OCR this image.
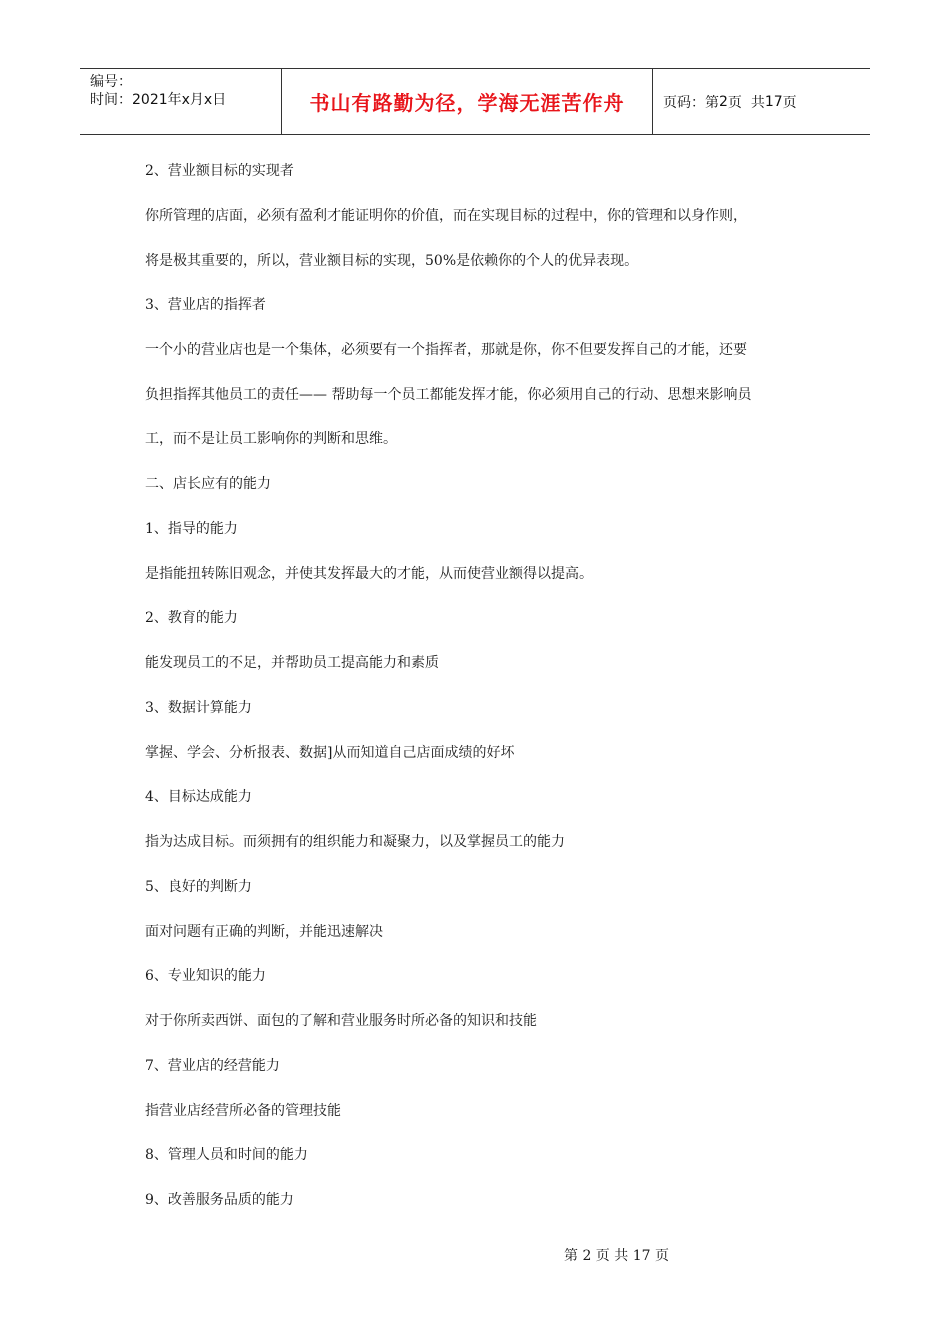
编号：
时间：2021年x月x日	书山有路勤为径，学海无涯苦作舟	页码：第 2 页  共 17 页
2、营业额目标的实现者
你所管理的店面，必须有盈利才能证明你的价值，而在实现目标的过程中，你的管理和以身作则，
将是极其重要的，所以，营业额目标的实现，50%是依赖你的个人的优异表现。
3、营业店的指挥者
一个小的营业店也是一个集体，必须要有一个指挥者，那就是你，你不但要发挥自己的才能，还要
负担指挥其他员工的责任—— 帮助每一个员工都能发挥才能，你必须用自己的行动、思想来影响员
工，而不是让员工影响你的判断和思维。
二、店长应有的能力
1、指导的能力
是指能扭转陈旧观念，并使其发挥最大的才能，从而使营业额得以提高。
2、教育的能力
能发现员工的不足，并帮助员工提高能力和素质
3、数据计算能力
掌握、学会、分析报表、数据]从而知道自己店面成绩的好坏
4、目标达成能力
指为达成目标。而须拥有的组织能力和凝聚力，以及掌握员工的能力
5、良好的判断力
面对问题有正确的判断，并能迅速解决
6、专业知识的能力
对于你所卖西饼、面包的了解和营业服务时所必备的知识和技能
7、营业店的经营能力
指营业店经营所必备的管理技能
8、管理人员和时间的能力
9、改善服务品质的能力
第 2 页 共 17 页
